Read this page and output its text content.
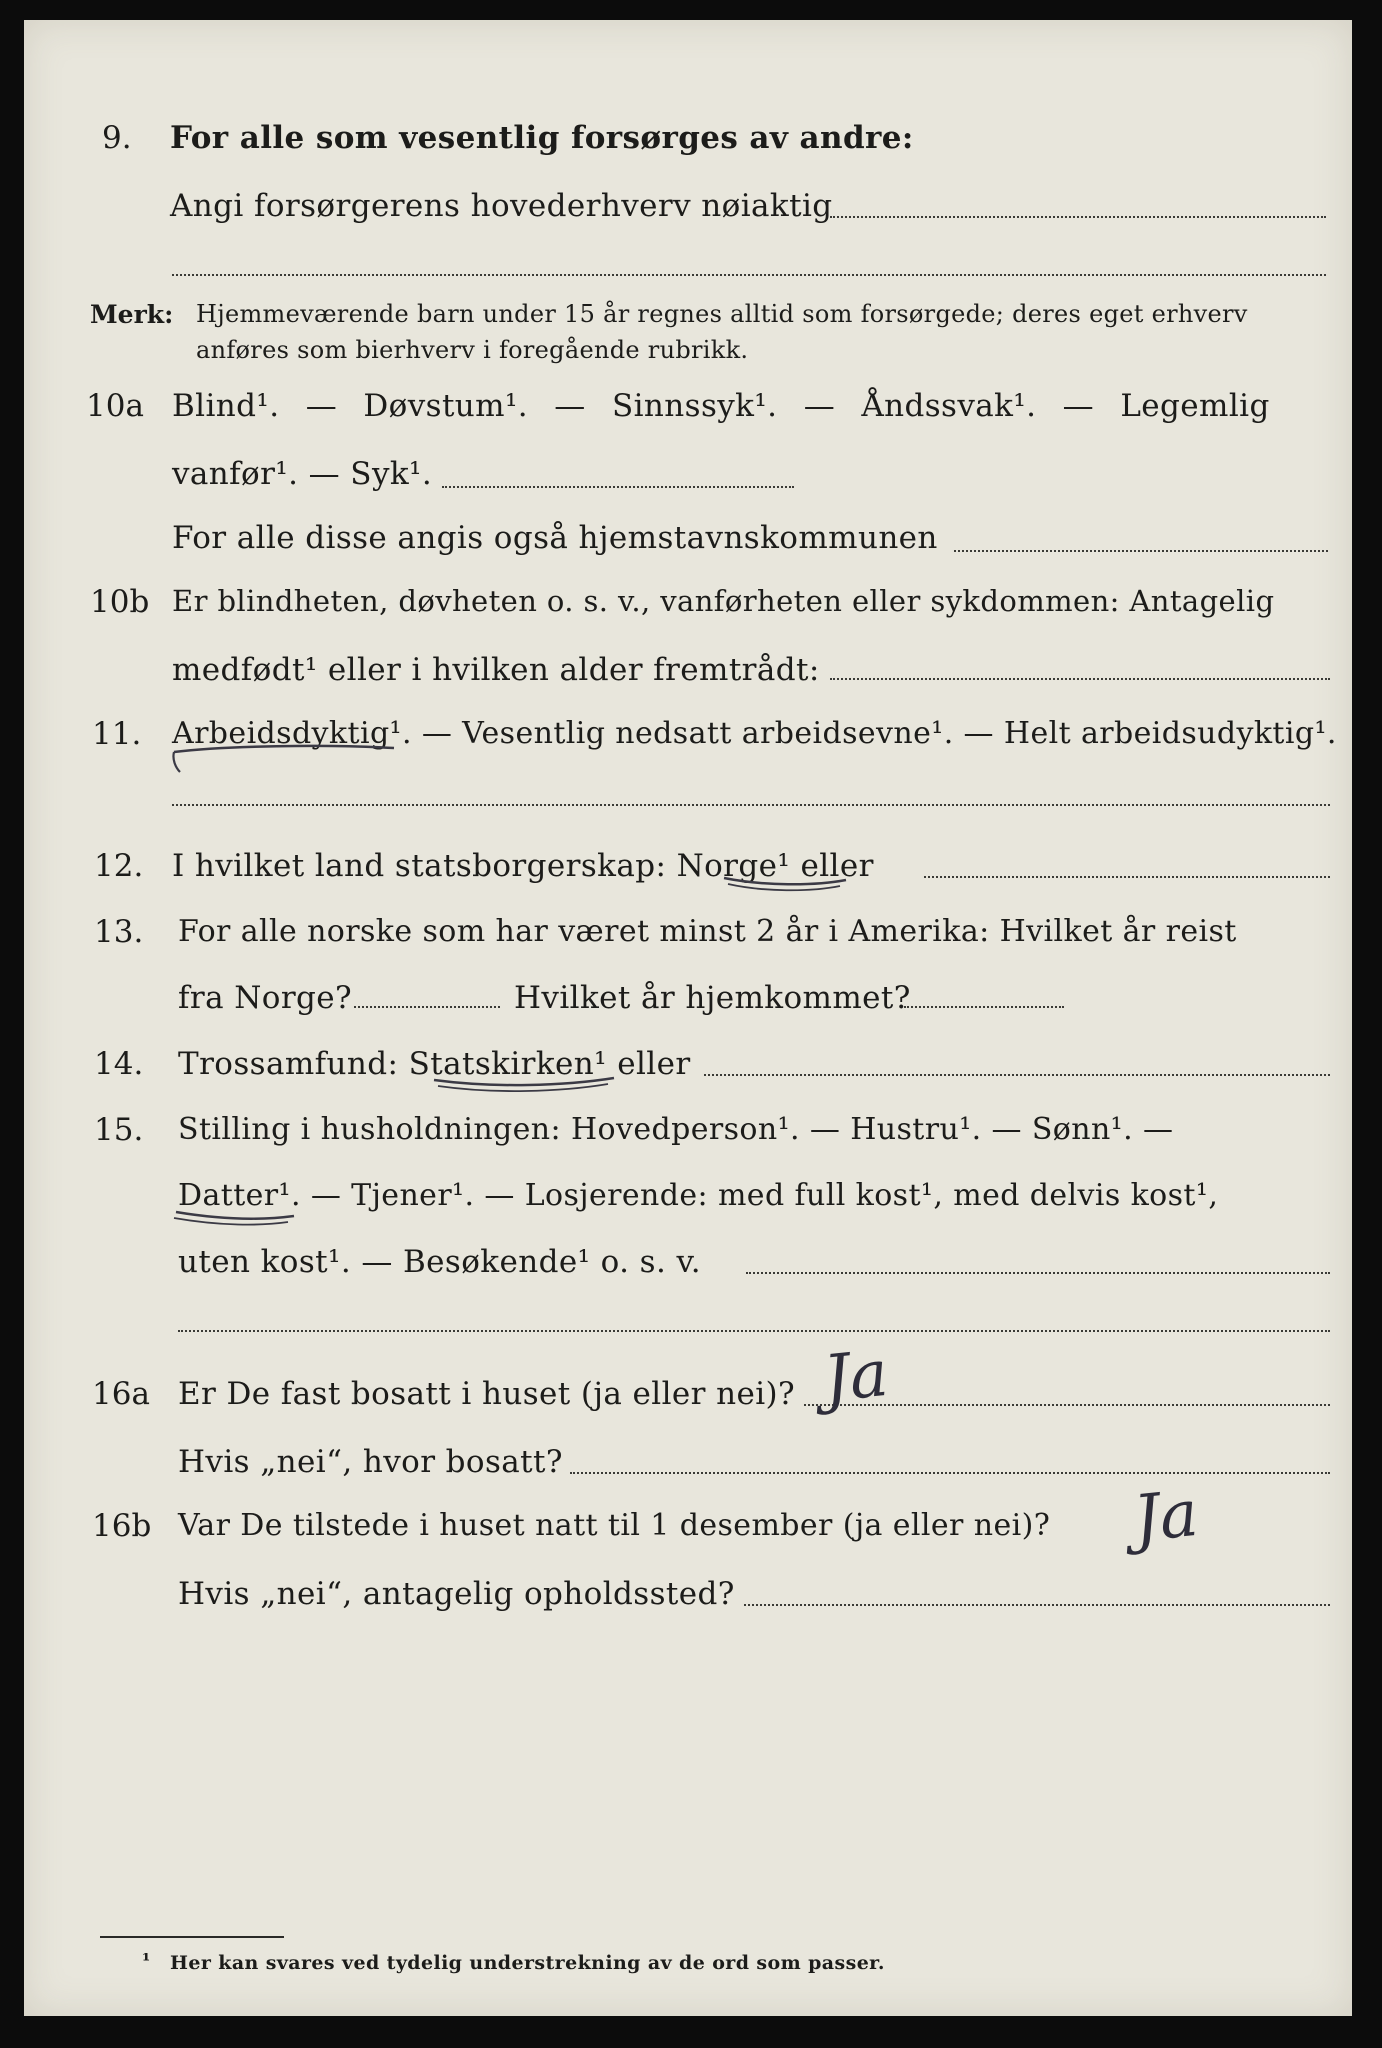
9. For alle som vesentlig forsørges av andre:
Angi forsørgerens hovederhverv nøiaktig
Merk: Hjemmeværende barn under 15 år regnes alltid som forsørgede; deres eget erhverv
anføres som bierhverv i foregående rubrikk.
10a Blind¹. — Døvstum¹. — Sinnssyk¹. — Åndssvak¹. — Legemlig
vanfør¹. — Syk¹.
For alle disse angis også hjemstavnskommunen
10b Er blindheten, døvheten o. s. v., vanførheten eller sykdommen: Antagelig
medfødt¹ eller i hvilken alder fremtrådt:
11. Arbeidsdyktig¹. — Vesentlig nedsatt arbeidsevne¹. — Helt arbeidsudyktig¹.
12. I hvilket land statsborgerskap: Norge¹ eller
13. For alle norske som har været minst 2 år i Amerika: Hvilket år reist
fra Norge?	Hvilket år hjemkommet?
14. Trossamfund: Statskirken¹ eller
15. Stilling i husholdningen: Hovedperson¹. — Hustru¹. — Sønn¹. —
Datter¹. — Tjener¹. — Losjerende: med full kost¹, med delvis kost¹,
uten kost¹. — Besøkende¹ o. s. v.
16a Er De fast bosatt i huset (ja eller nei)?
Hvis „nei“, hvor bosatt?
16b Var De tilstede i huset natt til 1 desember (ja eller nei)?
Hvis „nei“, antagelig opholdssted?
Ja
Ja
¹ Her kan svares ved tydelig understrekning av de ord som passer.
